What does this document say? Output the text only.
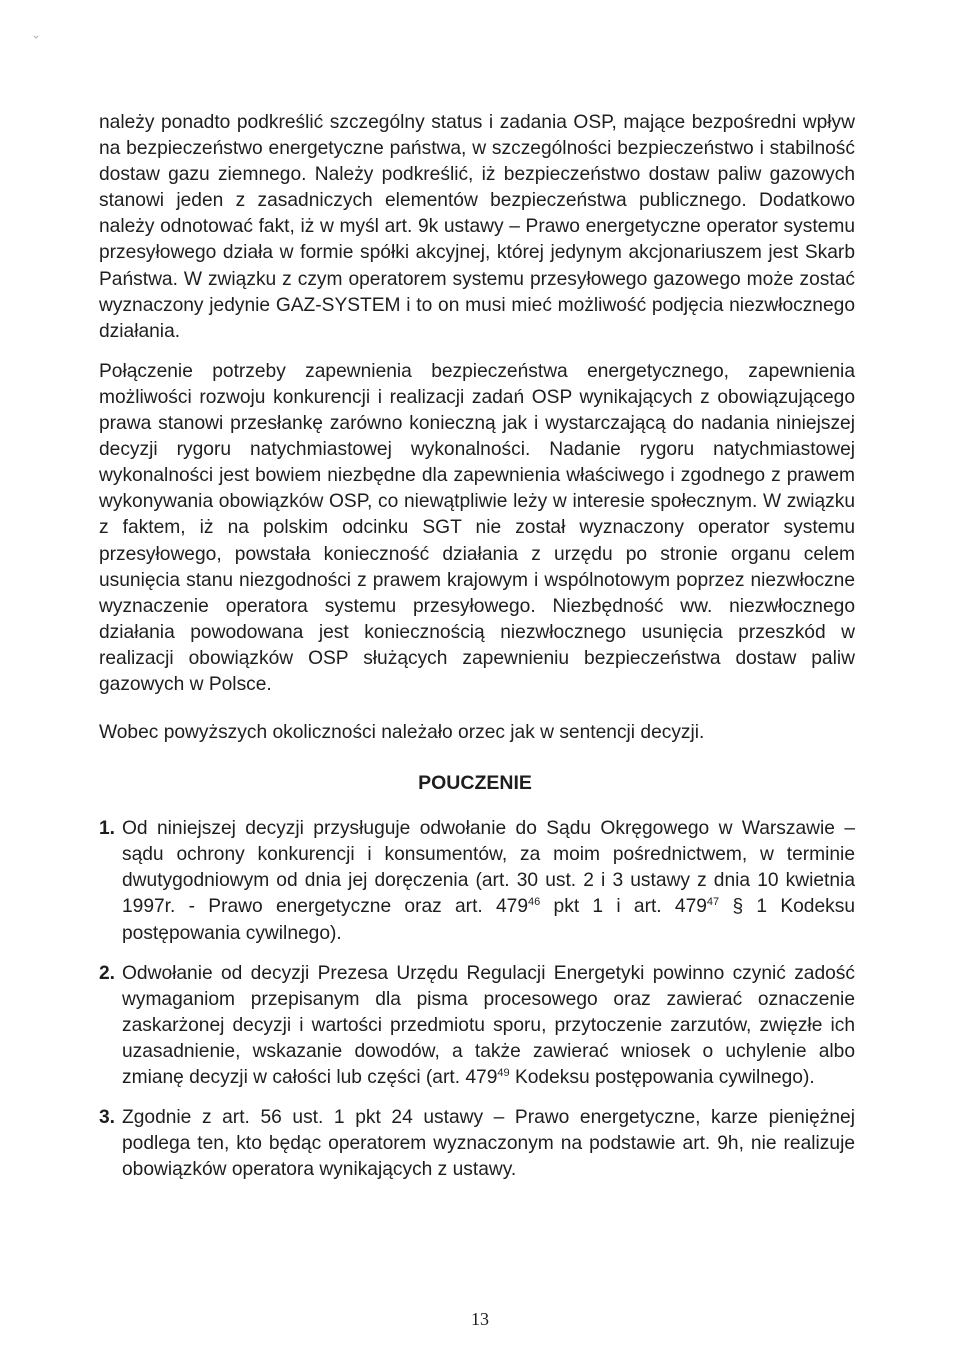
należy ponadto podkreślić szczególny status i zadania OSP, mające bezpośredni wpływ na bezpieczeństwo energetyczne państwa, w szczególności bezpieczeństwo i stabilność dostaw gazu ziemnego. Należy podkreślić, iż bezpieczeństwo dostaw paliw gazowych stanowi jeden z zasadniczych elementów bezpieczeństwa publicznego. Dodatkowo należy odnotować fakt, iż w myśl art. 9k ustawy – Prawo energetyczne operator systemu przesyłowego działa w formie spółki akcyjnej, której jedynym akcjonariuszem jest Skarb Państwa. W związku z czym operatorem systemu przesyłowego gazowego może zostać wyznaczony jedynie GAZ-SYSTEM i to on musi mieć możliwość podjęcia niezwłocznego działania.

Połączenie potrzeby zapewnienia bezpieczeństwa energetycznego, zapewnienia możliwości rozwoju konkurencji i realizacji zadań OSP wynikających z obowiązującego prawa stanowi przesłankę zarówno konieczną jak i wystarczającą do nadania niniejszej decyzji rygoru natychmiastowej wykonalności. Nadanie rygoru natychmiastowej wykonalności jest bowiem niezbędne dla zapewnienia właściwego i zgodnego z prawem wykonywania obowiązków OSP, co niewątpliwie leży w interesie społecznym. W związku z faktem, iż na polskim odcinku SGT nie został wyznaczony operator systemu przesyłowego, powstała konieczność działania z urzędu po stronie organu celem usunięcia stanu niezgodności z prawem krajowym i wspólnotowym poprzez niezwłoczne wyznaczenie operatora systemu przesyłowego. Niezbędność ww. niezwłocznego działania powodowana jest koniecznością niezwłocznego usunięcia przeszkód w realizacji obowiązków OSP służących zapewnieniu bezpieczeństwa dostaw paliw gazowych w Polsce.

Wobec powyższych okoliczności należało orzec jak w sentencji decyzji.

POUCZENIE
1. Od niniejszej decyzji przysługuje odwołanie do Sądu Okręgowego w Warszawie – sądu ochrony konkurencji i konsumentów, za moim pośrednictwem, w terminie dwutygodniowym od dnia jej doręczenia (art. 30 ust. 2 i 3 ustawy z dnia 10 kwietnia 1997r. - Prawo energetyczne oraz art. $479^{46}$ pkt 1 i art. $479^{47}$ § 1 Kodeksu postępowania cywilnego).

2. Odwołanie od decyzji Prezesa Urzędu Regulacji Energetyki powinno czynić zadość wymaganiom przepisanym dla pisma procesowego oraz zawierać oznaczenie zaskarżonej decyzji i wartości przedmiotu sporu, przytoczenie zarzutów, zwięzłe ich uzasadnienie, wskazanie dowodów, a także zawierać wniosek o uchylenie albo zmianę decyzji w całości lub części (art. $479^{49}$ Kodeksu postępowania cywilnego).

3. Zgodnie z art. 56 ust. 1 pkt 24 ustawy – Prawo energetyczne, karze pieniężnej podlega ten, kto będąc operatorem wyznaczonym na podstawie art. 9h, nie realizuje obowiązków operatora wynikających z ustawy.

13
